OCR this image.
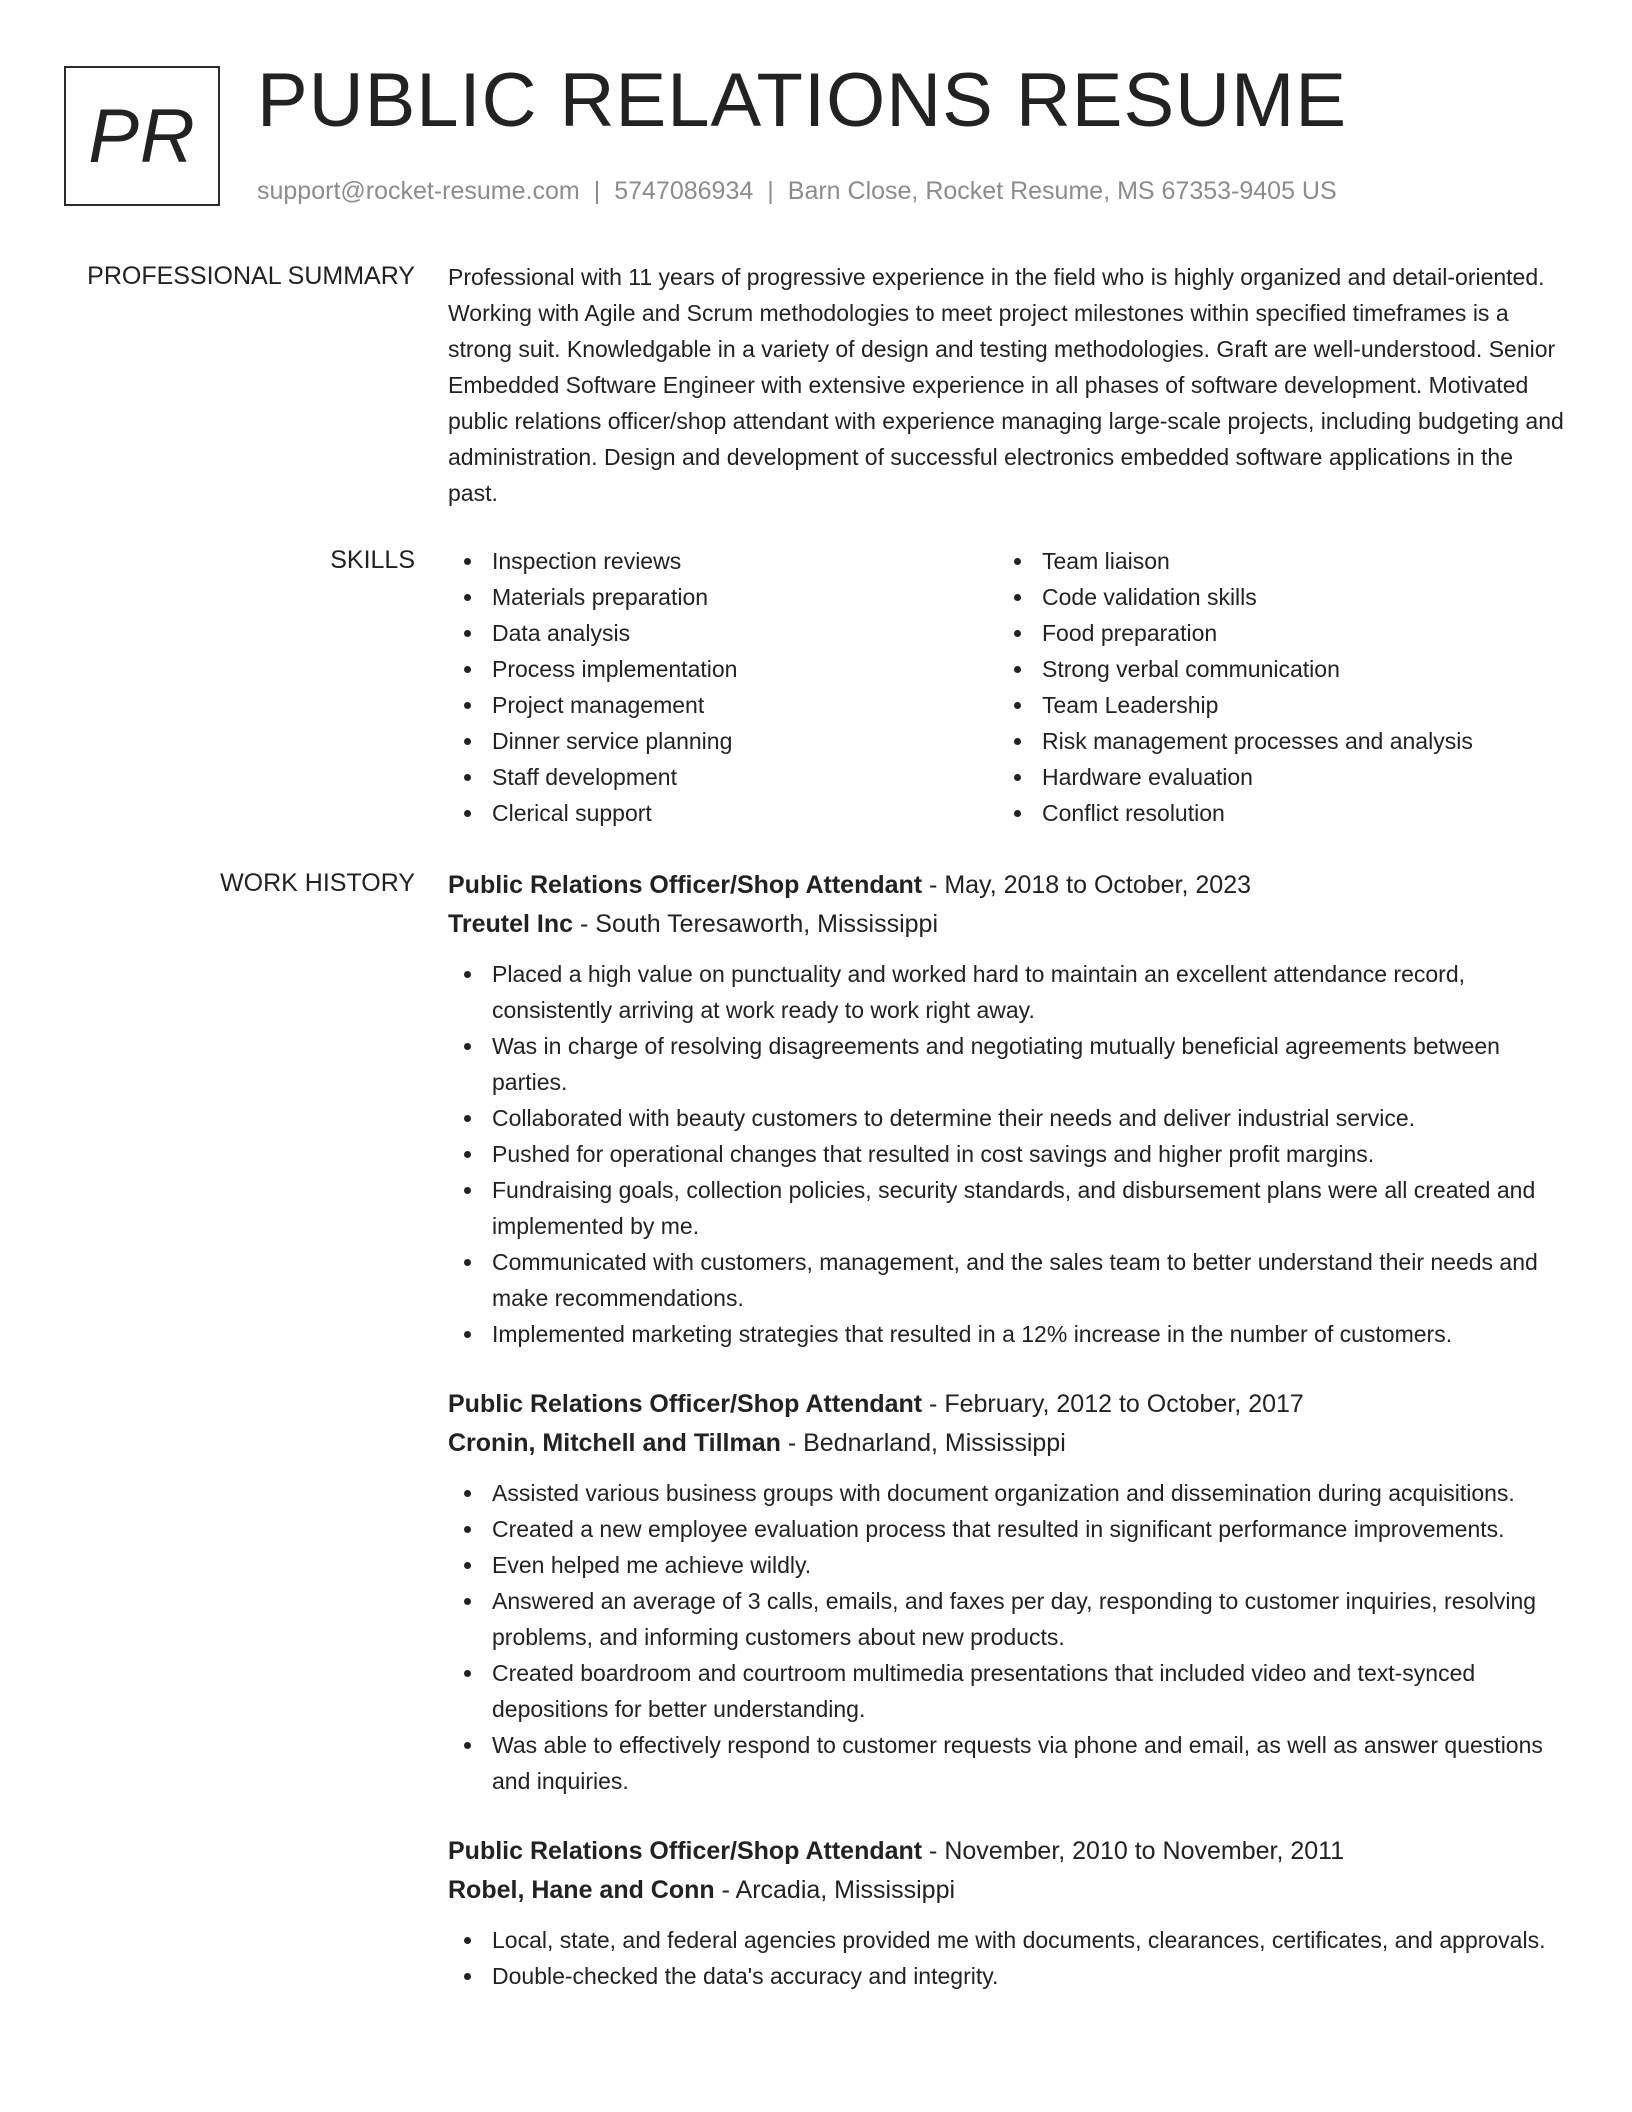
PR PUBLIC RELATIONS RESUME
support@rocket-resume.com | 5747086934 | Barn Close, Rocket Resume, MS 67353-9405 US
PROFESSIONAL SUMMARY Professional with 11 years of progressive experience in the field who is highly organized and detail-oriented. Working with Agile and Scrum methodologies to meet project milestones within specified timeframes is a strong suit. Knowledgable in a variety of design and testing methodologies. Graft are well-understood. Senior Embedded Software Engineer with extensive experience in all phases of software development. Motivated public relations officer/shop attendant with experience managing large-scale projects, including budgeting and administration. Design and development of successful electronics embedded software applications in the past.

SKILLS	Inspection reviews
Materials preparation
Data analysis
Process implementation
Project management
Dinner service planning
Staff development
Clerical support
Team liaison
Code validation skills
Food preparation
Strong verbal communication
Team Leadership
Risk management processes and analysis
Hardware evaluation
Conflict resolution
WORK HISTORY Public Relations Officer/Shop Attendant - May, 2018 to October, 2023
Treutel Inc - South Teresaworth, Mississippi
Placed a high value on punctuality and worked hard to maintain an excellent attendance record, consistently arriving at work ready to work right away.
Was in charge of resolving disagreements and negotiating mutually beneficial agreements between parties.
Collaborated with beauty customers to determine their needs and deliver industrial service.
Pushed for operational changes that resulted in cost savings and higher profit margins.
Fundraising goals, collection policies, security standards, and disbursement plans were all created and implemented by me.
Communicated with customers, management, and the sales team to better understand their needs and make recommendations.
Implemented marketing strategies that resulted in a 12% increase in the number of customers.
Public Relations Officer/Shop Attendant - February, 2012 to October, 2017
Cronin, Mitchell and Tillman - Bednarland, Mississippi
Assisted various business groups with document organization and dissemination during acquisitions.
Created a new employee evaluation process that resulted in significant performance improvements.
Even helped me achieve wildly.
Answered an average of 3 calls, emails, and faxes per day, responding to customer inquiries, resolving problems, and informing customers about new products.
Created boardroom and courtroom multimedia presentations that included video and text-synced depositions for better understanding.
Was able to effectively respond to customer requests via phone and email, as well as answer questions and inquiries.
Public Relations Officer/Shop Attendant - November, 2010 to November, 2011
Robel, Hane and Conn - Arcadia, Mississippi
Local, state, and federal agencies provided me with documents, clearances, certificates, and approvals.
Double-checked the data's accuracy and integrity.
